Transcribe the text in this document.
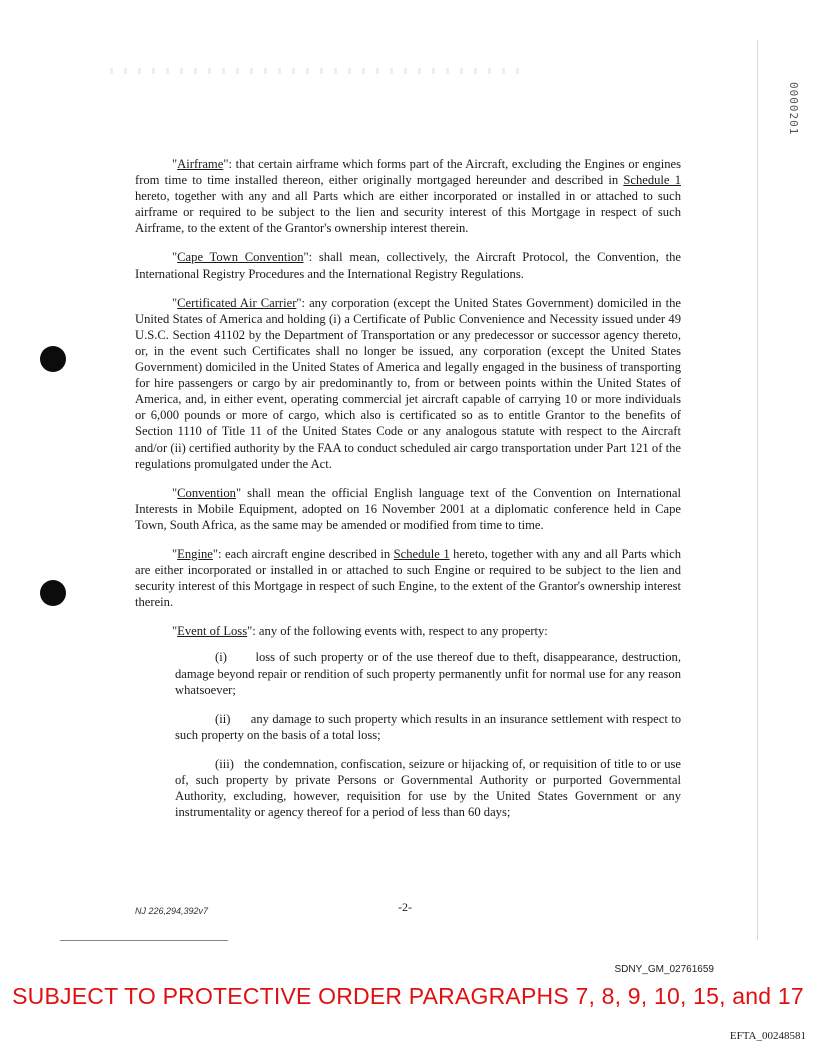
0000201

"Airframe": that certain airframe which forms part of the Aircraft, excluding the Engines or engines from time to time installed thereon, either originally mortgaged hereunder and described in Schedule 1 hereto, together with any and all Parts which are either incorporated or installed in or attached to such airframe or required to be subject to the lien and security interest of this Mortgage in respect of such Airframe, to the extent of the Grantor's ownership interest therein.

"Cape Town Convention": shall mean, collectively, the Aircraft Protocol, the Convention, the International Registry Procedures and the International Registry Regulations.

"Certificated Air Carrier": any corporation (except the United States Government) domiciled in the United States of America and holding (i) a Certificate of Public Convenience and Necessity issued under 49 U.S.C. Section 41102 by the Department of Transportation or any predecessor or successor agency thereto, or, in the event such Certificates shall no longer be issued, any corporation (except the United States Government) domiciled in the United States of America and legally engaged in the business of transporting for hire passengers or cargo by air predominantly to, from or between points within the United States of America, and, in either event, operating commercial jet aircraft capable of carrying 10 or more individuals or 6,000 pounds or more of cargo, which also is certificated so as to entitle Grantor to the benefits of Section 1110 of Title 11 of the United States Code or any analogous statute with respect to the Aircraft and/or (ii) certified authority by the FAA to conduct scheduled air cargo transportation under Part 121 of the regulations promulgated under the Act.

"Convention" shall mean the official English language text of the Convention on International Interests in Mobile Equipment, adopted on 16 November 2001 at a diplomatic conference held in Cape Town, South Africa, as the same may be amended or modified from time to time.

"Engine": each aircraft engine described in Schedule 1 hereto, together with any and all Parts which are either incorporated or installed in or attached to such Engine or required to be subject to the lien and security interest of this Mortgage in respect of such Engine, to the extent of the Grantor's ownership interest therein.

"Event of Loss": any of the following events with, respect to any property:

(i) loss of such property or of the use thereof due to theft, disappearance, destruction, damage beyond repair or rendition of such property permanently unfit for normal use for any reason whatsoever;

(ii) any damage to such property which results in an insurance settlement with respect to such property on the basis of a total loss;

(iii) the condemnation, confiscation, seizure or hijacking of, or requisition of title to or use of, such property by private Persons or Governmental Authority or purported Governmental Authority, excluding, however, requisition for use by the United States Government or any instrumentality or agency thereof for a period of less than 60 days;

NJ 226,294,392v7	-2-
SDNY_GM_02761659
SUBJECT TO PROTECTIVE ORDER PARAGRAPHS 7, 8, 9, 10, 15, and 17
EFTA_00248581
